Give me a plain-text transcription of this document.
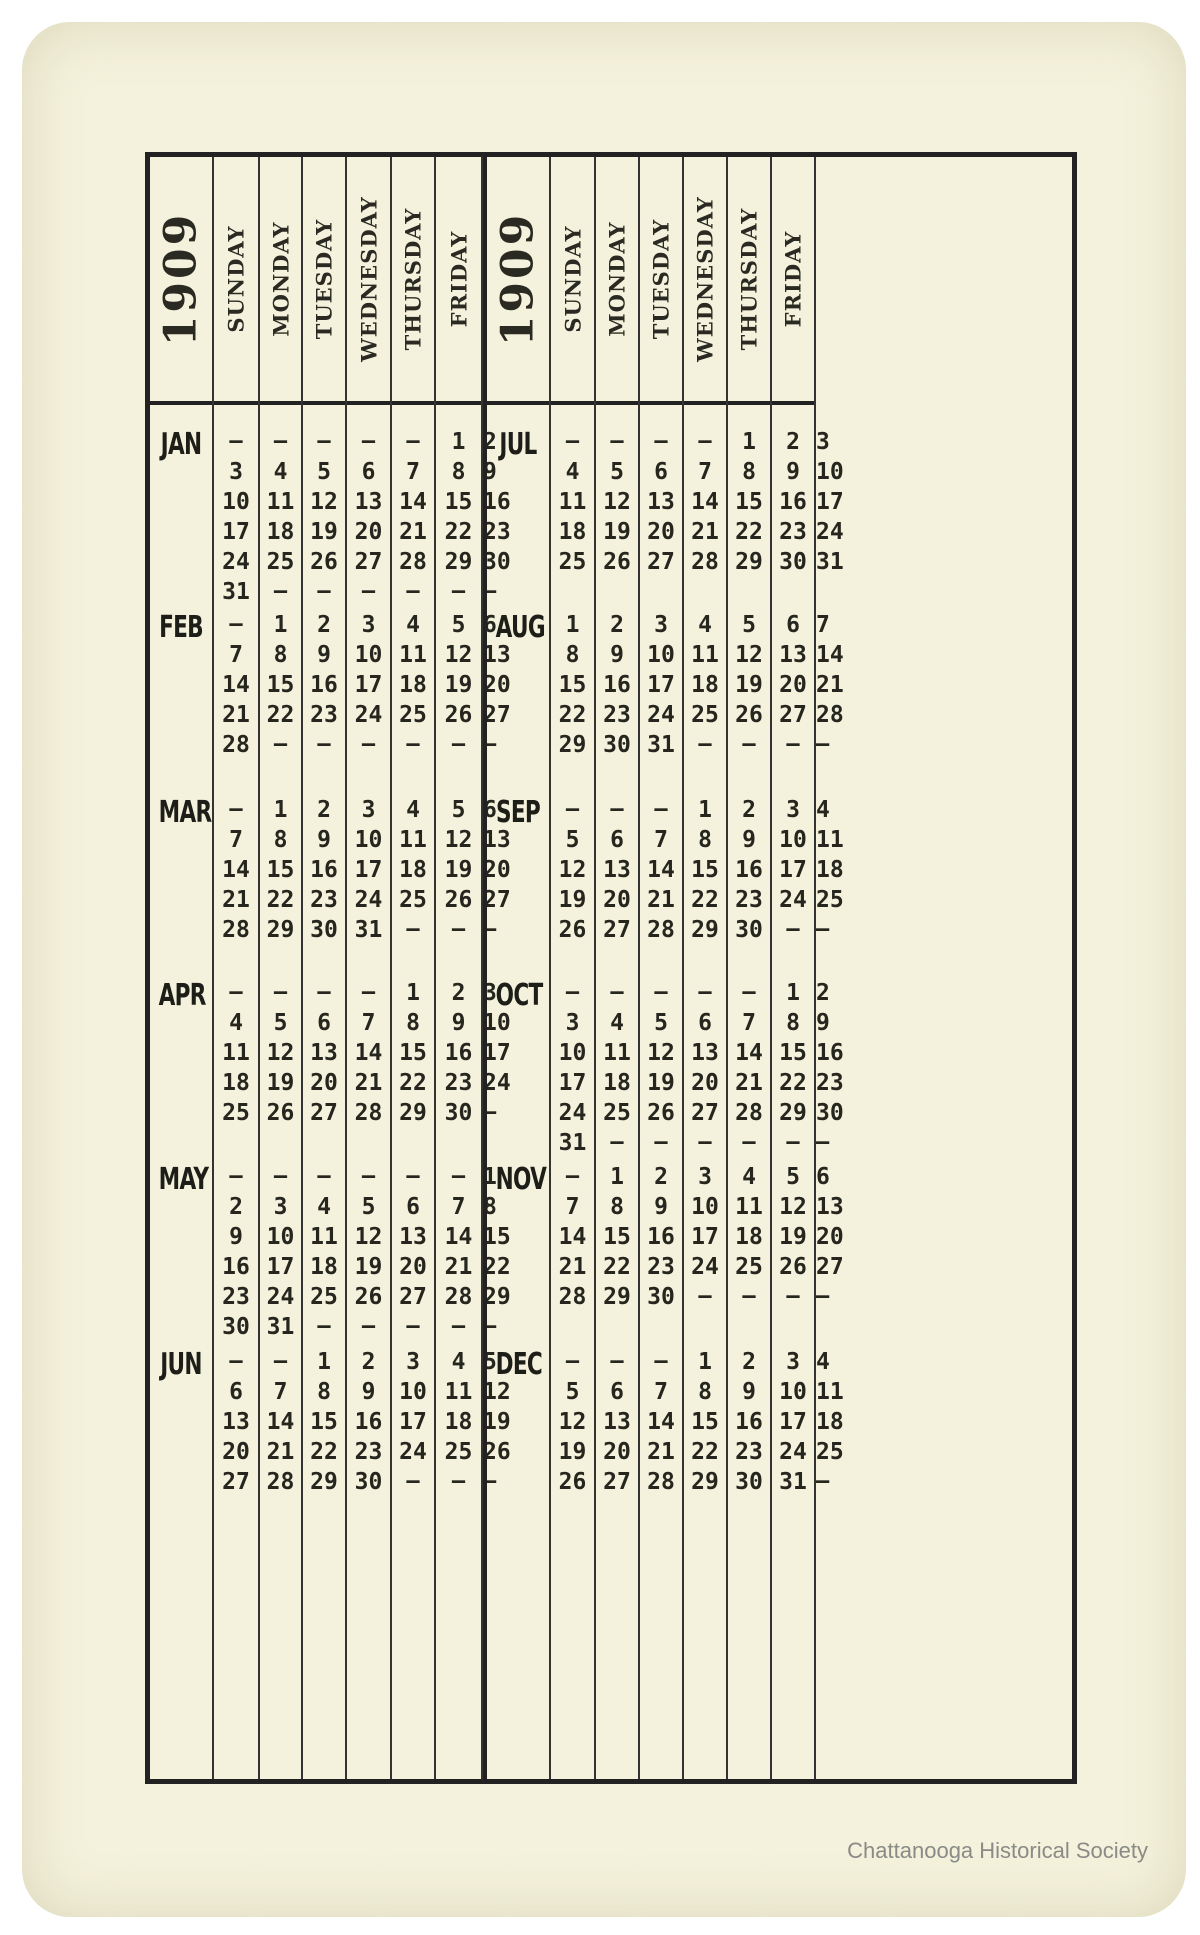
1909
JAN
FEB
MAR
APR
MAY
JUN
SUNDAY
—
3
10
17
24
31
—
7
14
21
28
—
7
14
21
28
—
4
11
18
25
—
2
9
16
23
30
—
6
13
20
27
MONDAY
—
4
11
18
25
—
1
8
15
22
—
1
8
15
22
29
—
5
12
19
26
—
3
10
17
24
31
—
7
14
21
28
TUESDAY
—
5
12
19
26
—
2
9
16
23
—
2
9
16
23
30
—
6
13
20
27
—
4
11
18
25
—
1
8
15
22
29
WEDNESDAY
—
6
13
20
27
—
3
10
17
24
—
3
10
17
24
31
—
7
14
21
28
—
5
12
19
26
—
2
9
16
23
30
THURSDAY
—
7
14
21
28
—
4
11
18
25
—
4
11
18
25
—
1
8
15
22
29
—
6
13
20
27
—
3
10
17
24
—
FRIDAY
1
8
15
22
29
—
5
12
19
26
—
5
12
19
26
—
2
9
16
23
30
—
7
14
21
28
—
4
11
18
25
—
2
9
16
23
30
—
6
13
20
27
—
6
13
20
27
—
3
10
17
24
—
1
8
15
22
29
—
5
12
19
26
—
1909
JUL
AUG
SEP
OCT
NOV
DEC
SUNDAY
—
4
11
18
25
1
8
15
22
29
—
5
12
19
26
—
3
10
17
24
31
—
7
14
21
28
—
5
12
19
26
MONDAY
—
5
12
19
26
2
9
16
23
30
—
6
13
20
27
—
4
11
18
25
—
1
8
15
22
29
—
6
13
20
27
TUESDAY
—
6
13
20
27
3
10
17
24
31
—
7
14
21
28
—
5
12
19
26
—
2
9
16
23
30
—
7
14
21
28
WEDNESDAY
—
7
14
21
28
4
11
18
25
—
1
8
15
22
29
—
6
13
20
27
—
3
10
17
24
—
1
8
15
22
29
THURSDAY
1
8
15
22
29
5
12
19
26
—
2
9
16
23
30
—
7
14
21
28
—
4
11
18
25
—
2
9
16
23
30
FRIDAY
2
9
16
23
30
6
13
20
27
—
3
10
17
24
—
1
8
15
22
29
—
5
12
19
26
—
3
10
17
24
31
3
10
17
24
31
7
14
21
28
—
4
11
18
25
—
2
9
16
23
30
—
6
13
20
27
—
4
11
18
25
—
Chattanooga Historical Society
